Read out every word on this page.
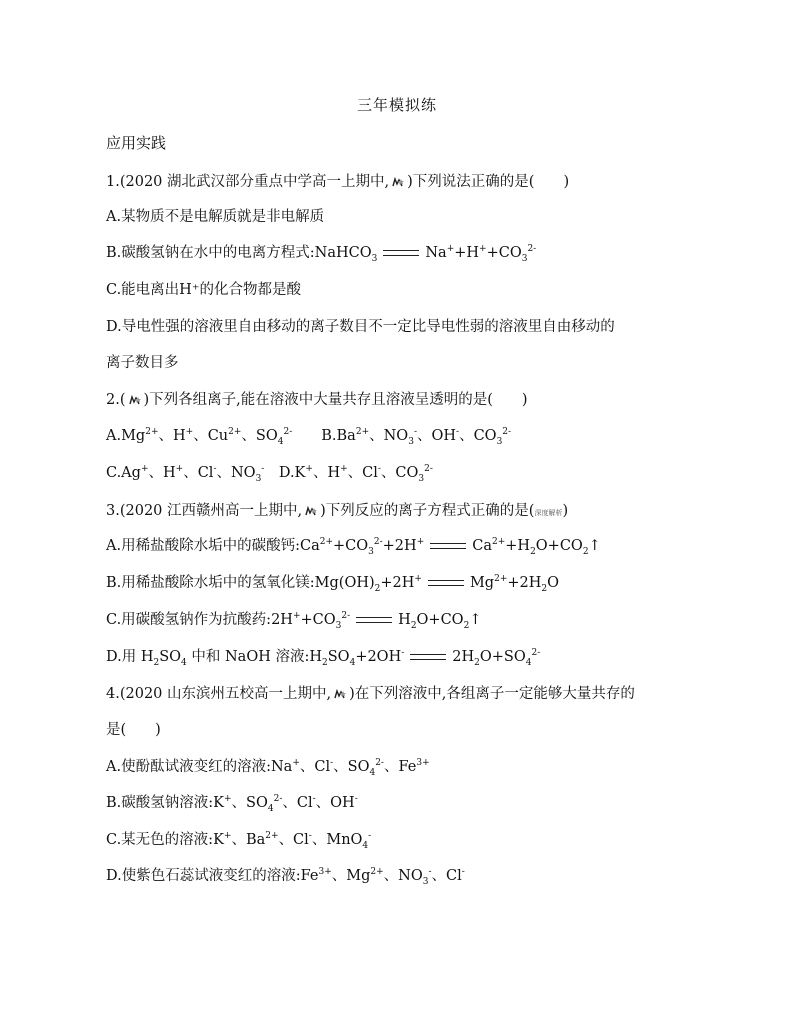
三年模拟练
应用实践
1.(2020 湖北武汉部分重点中学高一上期中, )下列说法正确的是(　　)
A.某物质不是电解质就是非电解质
B.碳酸氢钠在水中的电离方程式:NaHCO$_3$	$Na^++H^++CO_3^{2-}$
C.能电离出H⁺的化合物都是酸
D.导电性强的溶液里自由移动的离子数目不一定比导电性弱的溶液里自由移动的
离子数目多
2.( )下列各组离子,能在溶液中大量共存且溶液呈透明的是(　　)
$A.Mg^{2+}$、H+、$Cu^{2+}$、$SO_4^{2-}$　　$B.Ba^{2+}$、$NO_3^-$、OH-、$CO_3^{2-}$
C.Ag+、H+、Cl-、$NO_3^-$　D.K+、H+、Cl-、$CO_3^{2-}$
3.(2020 江西赣州高一上期中, )下列反应的离子方程式正确的是(深度解析)
A.用稀盐酸除水垢中的碳酸钙$:Ca^{2+}+CO_3^{2-}+2H^+$	$Ca^{2+}+H_2O+CO_2↑$
B.用稀盐酸除水垢中的氢氧化镁$:Mg(OH)_2+2H^+$	$Mg^{2+}+2H_2O$
C.用碳酸氢钠作为抗酸药$:2H^++CO_3^{2-}$	$H_2O+CO_2↑$
D.用 $H_2SO_4$ 中和 NaOH 溶液$:H_2SO_4+2OH^-$	$2H_2O+SO_4^{2-}$
4.(2020 山东滨州五校高一上期中, )在下列溶液中,各组离子一定能够大量共存的
是(　　)
A.使酚酞试液变红的溶液:Na+、Cl-、$SO_4^{2-}$、$Fe^{3+}$
B.碳酸氢钠溶液:K+、$SO_4^{2-}$、Cl-、OH-
C.某无色的溶液:K+、$Ba^{2+}$、Cl-、MnO$_4$-
D.使紫色石蕊试液变红的溶液$:Fe^{3+}$、$Mg^{2+}$、$NO_3^-$、Cl-
